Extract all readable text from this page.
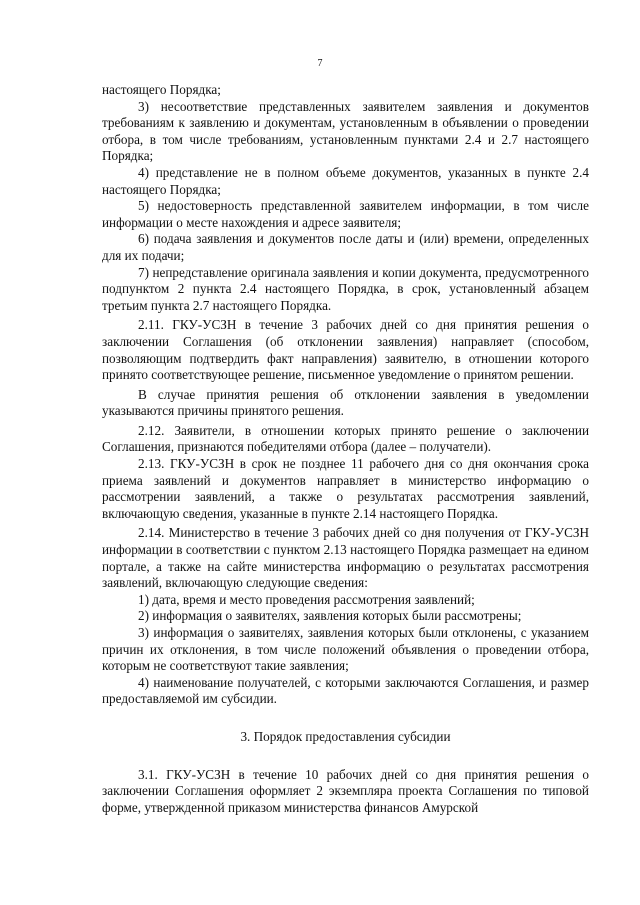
7

настоящего Порядка;

3) несоответствие представленных заявителем заявления и документов требованиям к заявлению и документам, установленным в объявлении о проведении отбора, в том числе требованиям, установленным пунктами 2.4 и 2.7 настоящего Порядка;

4) представление не в полном объеме документов, указанных в пункте 2.4 настоящего Порядка;

5) недостоверность представленной заявителем информации, в том числе информации о месте нахождения и адресе заявителя;

6) подача заявления и документов после даты и (или) времени, определенных для их подачи;

7) непредставление оригинала заявления и копии документа, предусмотренного подпунктом 2 пункта 2.4 настоящего Порядка, в срок, установленный абзацем третьим пункта 2.7 настоящего Порядка.

2.11. ГКУ-УСЗН в течение 3 рабочих дней со дня принятия решения о заключении Соглашения (об отклонении заявления) направляет (способом, позволяющим подтвердить факт направления) заявителю, в отношении которого принято соответствующее решение, письменное уведомление о принятом решении.

В случае принятия решения об отклонении заявления в уведомлении указываются причины принятого решения.

2.12. Заявители, в отношении которых принято решение о заключении Соглашения, признаются победителями отбора (далее – получатели).

2.13. ГКУ-УСЗН в срок не позднее 11 рабочего дня со дня окончания срока приема заявлений и документов направляет в министерство информацию о рассмотрении заявлений, а также о результатах рассмотрения заявлений, включающую сведения, указанные в пункте 2.14 настоящего Порядка.

2.14. Министерство в течение 3 рабочих дней со дня получения от ГКУ-УСЗН информации в соответствии с пунктом 2.13 настоящего Порядка размещает на едином портале, а также на сайте министерства информацию о результатах рассмотрения заявлений, включающую следующие сведения:

1) дата, время и место проведения рассмотрения заявлений;

2) информация о заявителях, заявления которых были рассмотрены;

3) информация о заявителях, заявления которых были отклонены, с указанием причин их отклонения, в том числе положений объявления о проведении отбора, которым не соответствуют такие заявления;

4) наименование получателей, с которыми заключаются Соглашения, и размер предоставляемой им субсидии.

3. Порядок предоставления субсидии

3.1. ГКУ-УСЗН в течение 10 рабочих дней со дня принятия решения о заключении Соглашения оформляет 2 экземпляра проекта Соглашения по типовой форме, утвержденной приказом министерства финансов Амурской
